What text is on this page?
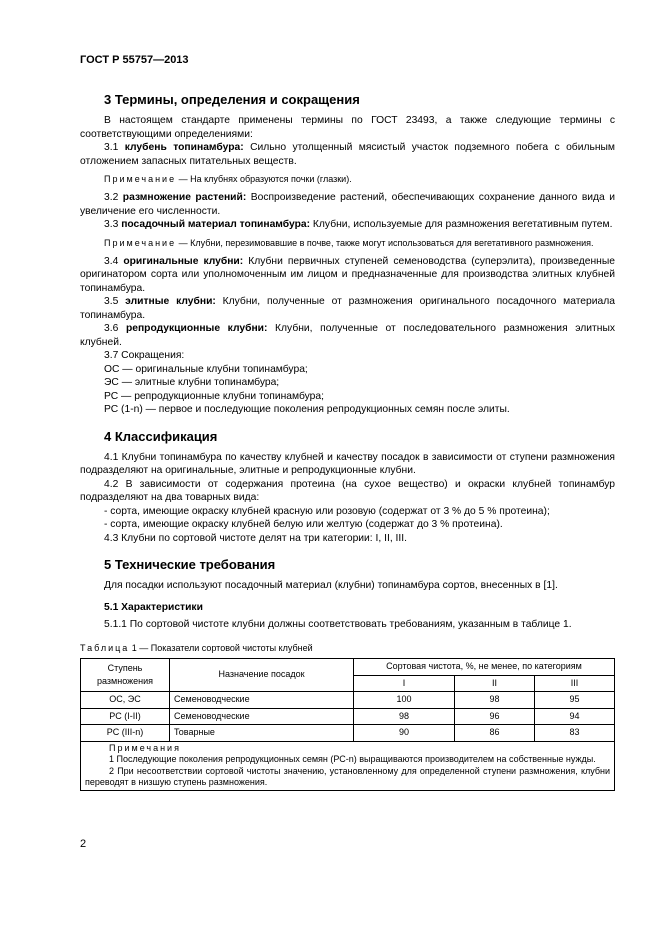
ГОСТ Р 55757—2013
3 Термины, определения и сокращения

В настоящем стандарте применены термины по ГОСТ 23493, а также следующие термины с соответствующими определениями:

3.1 клубень топинамбура: Сильно утолщенный мясистый участок подземного побега с обильным отложением запасных питательных веществ.

Примечание — На клубнях образуются почки (глазки).

3.2 размножение растений: Воспроизведение растений, обеспечивающих сохранение данного вида и увеличение его численности.

3.3 посадочный материал топинамбура: Клубни, используемые для размножения вегетативным путем.

Примечание — Клубни, перезимовавшие в почве, также могут использоваться для вегетативного размножения.

3.4 оригинальные клубни: Клубни первичных ступеней семеноводства (суперэлита), произведенные оригинатором сорта или уполномоченным им лицом и предназначенные для производства элитных клубней топинамбура.

3.5 элитные клубни: Клубни, полученные от размножения оригинального посадочного материала топинамбура.

3.6 репродукционные клубни: Клубни, полученные от последовательного размножения элитных клубней.

3.7 Сокращения:

ОС — оригинальные клубни топинамбура;

ЭС — элитные клубни топинамбура;

РС — репродукционные клубни топинамбура;

РС (1-n) — первое и последующие поколения репродукционных семян после элиты.

4 Классификация

4.1 Клубни топинамбура по качеству клубней и качеству посадок в зависимости от ступени размножения подразделяют на оригинальные, элитные и репродукционные клубни.

4.2 В зависимости от содержания протеина (на сухое вещество) и окраски клубней топинамбур подразделяют на два товарных вида:

- сорта, имеющие окраску клубней красную или розовую (содержат от 3 % до 5 % протеина);

- сорта, имеющие окраску клубней белую или желтую (содержат до 3 % протеина).

4.3 Клубни по сортовой чистоте делят на три категории: I, II, III.

5 Технические требования

Для посадки используют посадочный материал (клубни) топинамбура сортов, внесенных в [1].

5.1 Характеристики

5.1.1 По сортовой чистоте клубни должны соответствовать требованиям, указанным в таблице 1.

Таблица 1 — Показатели сортовой чистоты клубней
Ступень размножения	Назначение посадок	Сортовая чистота, %, не менее, по категориям		
		I	II	III
ОС, ЭС	Семеноводческие	100	98	95
РС (I-II)	Семеноводческие	98	96	94
РС (III-n)	Товарные	90	86	83

Примечания

1 Последующие поколения репродукционных семян (РС-n) выращиваются производителем на собственные нужды.

2 При несоответствии сортовой чистоты значению, установленному для определенной ступени размножения, клубни переводят в низшую ступень размножения.				

2
